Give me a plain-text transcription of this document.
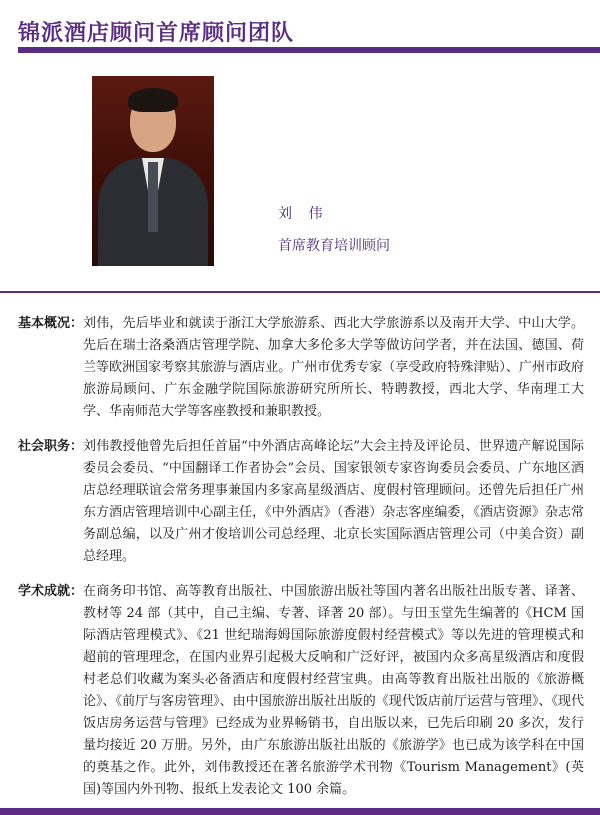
锦派酒店顾问首席顾问团队
刘 伟
首席教育培训顾问
基本概况： 刘伟，先后毕业和就读于浙江大学旅游系、西北大学旅游系以及南开大学、中山大学。先后在瑞士洛桑酒店管理学院、加拿大多伦多大学等做访问学者，并在法国、德国、荷兰等欧洲国家考察其旅游与酒店业。广州市优秀专家（享受政府特殊津贴）、广州市政府旅游局顾问、广东金融学院国际旅游研究所所长、特聘教授，西北大学、华南理工大学、华南师范大学等客座教授和兼职教授。
社会职务： 刘伟教授他曾先后担任首届“中外酒店高峰论坛”大会主持及评论员、世界遗产解说国际委员会委员、“中国翻译工作者协会”会员、国家银领专家咨询委员会委员、广东地区酒店总经理联谊会常务理事兼国内多家高星级酒店、度假村管理顾问。还曾先后担任广州东方酒店管理培训中心副主任，《中外酒店》（香港）杂志客座编委，《酒店资源》杂志常务副总编，以及广州才俊培训公司总经理、北京长实国际酒店管理公司（中美合资）副总经理。
学术成就： 在商务印书馆、高等教育出版社、中国旅游出版社等国内著名出版社出版专著、译著、教材等 24 部（其中，自己主编、专著、译著 20 部）。与田玉堂先生编著的《HCM 国际酒店管理模式》、《21 世纪瑞海姆国际旅游度假村经营模式》等以先进的管理模式和超前的管理理念，在国内业界引起极大反响和广泛好评，被国内众多高星级酒店和度假村老总们收藏为案头必备酒店和度假村经营宝典。由高等教育出版社出版的《旅游概论》、《前厅与客房管理》、由中国旅游出版社出版的《现代饭店前厅运营与管理》、《现代饭店房务运营与管理》已经成为业界畅销书，自出版以来，已先后印刷 20 多次，发行量均接近 20 万册。另外，由广东旅游出版社出版的《旅游学》也已成为该学科在中国的奠基之作。此外，刘伟教授还在著名旅游学术刊物《Tourism Management》(英国)等国内外刊物、报纸上发表论文 100 余篇。
